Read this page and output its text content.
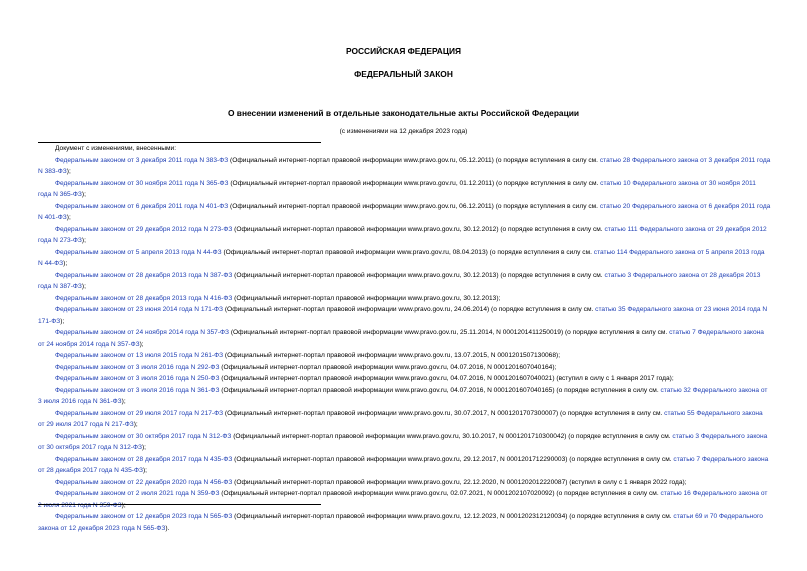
РОССИЙСКАЯ ФЕДЕРАЦИЯ

ФЕДЕРАЛЬНЫЙ ЗАКОН

О внесении изменений в отдельные законодательные акты Российской Федерации

(с изменениями на 12 декабря 2023 года)

Документ с изменениями, внесенными:

Федеральным законом от 3 декабря 2011 года N 383-ФЗ (Официальный интернет-портал правовой информации www.pravo.gov.ru, 05.12.2011) (о порядке вступления в силу см. статью 28 Федерального закона от 3 декабря 2011 года N 383-ФЗ);

Федеральным законом от 30 ноября 2011 года N 365-ФЗ (Официальный интернет-портал правовой информации www.pravo.gov.ru, 01.12.2011) (о порядке вступления в силу см. статью 10 Федерального закона от 30 ноября 2011 года N 365-ФЗ);

Федеральным законом от 6 декабря 2011 года N 401-ФЗ (Официальный интернет-портал правовой информации www.pravo.gov.ru, 06.12.2011) (о порядке вступления в силу см. статью 20 Федерального закона от 6 декабря 2011 года N 401-ФЗ);

Федеральным законом от 29 декабря 2012 года N 273-ФЗ (Официальный интернет-портал правовой информации www.pravo.gov.ru, 30.12.2012) (о порядке вступления в силу см. статью 111 Федерального закона от 29 декабря 2012 года N 273-ФЗ);

Федеральным законом от 5 апреля 2013 года N 44-ФЗ (Официальный интернет-портал правовой информации www.pravo.gov.ru, 08.04.2013) (о порядке вступления в силу см. статью 114 Федерального закона от 5 апреля 2013 года N 44-ФЗ);

Федеральным законом от 28 декабря 2013 года N 387-ФЗ (Официальный интернет-портал правовой информации www.pravo.gov.ru, 30.12.2013) (о порядке вступления в силу см. статью 3 Федерального закона от 28 декабря 2013 года N 387-ФЗ);

Федеральным законом от 28 декабря 2013 года N 416-ФЗ (Официальный интернет-портал правовой информации www.pravo.gov.ru, 30.12.2013);

Федеральным законом от 23 июня 2014 года N 171-ФЗ (Официальный интернет-портал правовой информации www.pravo.gov.ru, 24.06.2014) (о порядке вступления в силу см. статью 35 Федерального закона от 23 июня 2014 года N 171-ФЗ);

Федеральным законом от 24 ноября 2014 года N 357-ФЗ (Официальный интернет-портал правовой информации www.pravo.gov.ru, 25.11.2014, N 0001201411250019) (о порядке вступления в силу см. статью 7 Федерального закона от 24 ноября 2014 года N 357-ФЗ);

Федеральным законом от 13 июля 2015 года N 261-ФЗ (Официальный интернет-портал правовой информации www.pravo.gov.ru, 13.07.2015, N 0001201507130068);

Федеральным законом от 3 июля 2016 года N 292-ФЗ (Официальный интернет-портал правовой информации www.pravo.gov.ru, 04.07.2016, N 0001201607040164);

Федеральным законом от 3 июля 2016 года N 250-ФЗ (Официальный интернет-портал правовой информации www.pravo.gov.ru, 04.07.2016, N 0001201607040021) (вступил в силу с 1 января 2017 года);

Федеральным законом от 3 июля 2016 года N 361-ФЗ (Официальный интернет-портал правовой информации www.pravo.gov.ru, 04.07.2016, N 0001201607040165) (о порядке вступления в силу см. статью 32 Федерального закона от 3 июля 2016 года N 361-ФЗ);

Федеральным законом от 29 июля 2017 года N 217-ФЗ (Официальный интернет-портал правовой информации www.pravo.gov.ru, 30.07.2017, N 0001201707300007) (о порядке вступления в силу см. статью 55 Федерального закона от 29 июля 2017 года N 217-ФЗ);

Федеральным законом от 30 октября 2017 года N 312-ФЗ (Официальный интернет-портал правовой информации www.pravo.gov.ru, 30.10.2017, N 0001201710300042) (о порядке вступления в силу см. статью 3 Федерального закона от 30 октября 2017 года N 312-ФЗ);

Федеральным законом от 28 декабря 2017 года N 435-ФЗ (Официальный интернет-портал правовой информации www.pravo.gov.ru, 29.12.2017, N 0001201712290003) (о порядке вступления в силу см. статью 7 Федерального закона от 28 декабря 2017 года N 435-ФЗ);

Федеральным законом от 22 декабря 2020 года N 456-ФЗ (Официальный интернет-портал правовой информации www.pravo.gov.ru, 22.12.2020, N 0001202012220087) (вступил в силу с 1 января 2022 года);

Федеральным законом от 2 июля 2021 года N 359-ФЗ (Официальный интернет-портал правовой информации www.pravo.gov.ru, 02.07.2021, N 0001202107020092) (о порядке вступления в силу см. статью 16 Федерального закона от 2 июля 2021 года N 359-ФЗ);

Федеральным законом от 12 декабря 2023 года N 565-ФЗ (Официальный интернет-портал правовой информации www.pravo.gov.ru, 12.12.2023, N 0001202312120034) (о порядке вступления в силу см. статьи 69 и 70 Федерального закона от 12 декабря 2023 года N 565-ФЗ).
